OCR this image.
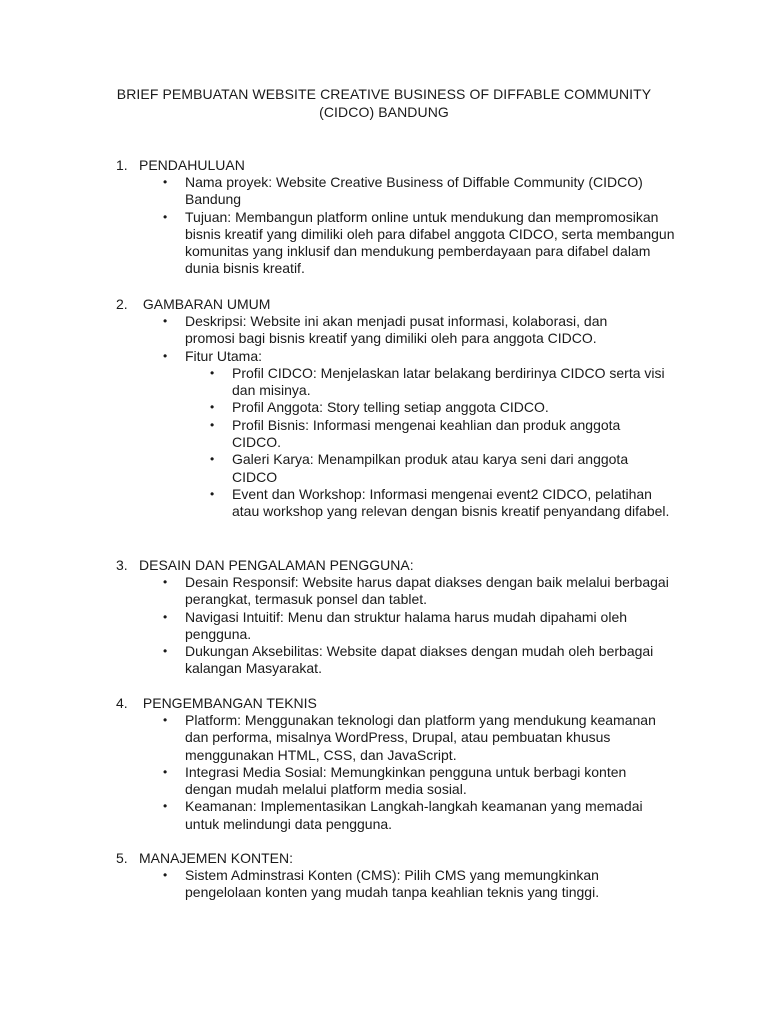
BRIEF PEMBUATAN WEBSITE CREATIVE BUSINESS OF DIFFABLE COMMUNITY (CIDCO) BANDUNG
1. PENDAHULUAN
• Nama proyek: Website Creative Business of Diffable Community (CIDCO) Bandung
• Tujuan: Membangun platform online untuk mendukung dan mempromosikan bisnis kreatif yang dimiliki oleh para difabel anggota CIDCO, serta membangun komunitas yang inklusif dan mendukung pemberdayaan para difabel dalam dunia bisnis kreatif.
2. GAMBARAN UMUM
• Deskripsi: Website ini akan menjadi pusat informasi, kolaborasi, dan promosi bagi bisnis kreatif yang dimiliki oleh para anggota CIDCO.
• Fitur Utama:
• Profil CIDCO: Menjelaskan latar belakang berdirinya CIDCO serta visi dan misinya.
• Profil Anggota: Story telling setiap anggota CIDCO.
• Profil Bisnis: Informasi mengenai keahlian dan produk anggota CIDCO.
• Galeri Karya: Menampilkan produk atau karya seni dari anggota CIDCO
• Event dan Workshop: Informasi mengenai event2 CIDCO, pelatihan atau workshop yang relevan dengan bisnis kreatif penyandang difabel.
3. DESAIN DAN PENGALAMAN PENGGUNA:
• Desain Responsif: Website harus dapat diakses dengan baik melalui berbagai perangkat, termasuk ponsel dan tablet.
• Navigasi Intuitif: Menu dan struktur halama harus mudah dipahami oleh pengguna.
• Dukungan Aksebilitas: Website dapat diakses dengan mudah oleh berbagai kalangan Masyarakat.
4. PENGEMBANGAN TEKNIS
• Platform: Menggunakan teknologi dan platform yang mendukung keamanan dan performa, misalnya WordPress, Drupal, atau pembuatan khusus menggunakan HTML, CSS, dan JavaScript.
• Integrasi Media Sosial: Memungkinkan pengguna untuk berbagi konten dengan mudah melalui platform media sosial.
• Keamanan: Implementasikan Langkah-langkah keamanan yang memadai untuk melindungi data pengguna.
5. MANAJEMEN KONTEN:
• Sistem Adminstrasi Konten (CMS): Pilih CMS yang memungkinkan pengelolaan konten yang mudah tanpa keahlian teknis yang tinggi.
